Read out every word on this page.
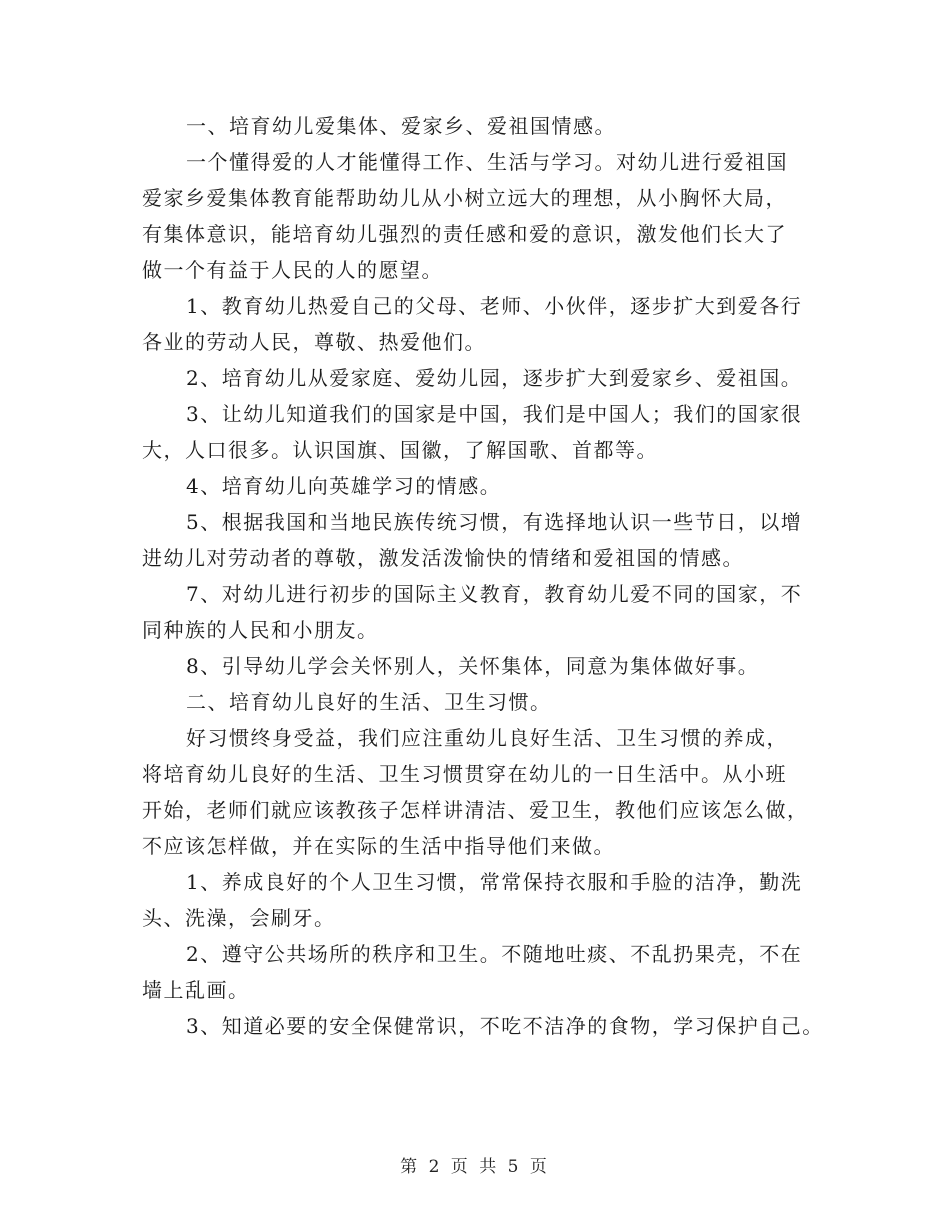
一、培育幼儿爱集体、爱家乡、爱祖国情感。
一个懂得爱的人才能懂得工作、生活与学习。对幼儿进行爱祖国
爱家乡爱集体教育能帮助幼儿从小树立远大的理想，从小胸怀大局，
有集体意识，能培育幼儿强烈的责任感和爱的意识，激发他们长大了
做一个有益于人民的人的愿望。
1、教育幼儿热爱自己的父母、老师、小伙伴，逐步扩大到爱各行
各业的劳动人民，尊敬、热爱他们。
2、培育幼儿从爱家庭、爱幼儿园，逐步扩大到爱家乡、爱祖国。
3、让幼儿知道我们的国家是中国，我们是中国人；我们的国家很
大，人口很多。认识国旗、国徽，了解国歌、首都等。
4、培育幼儿向英雄学习的情感。
5、根据我国和当地民族传统习惯，有选择地认识一些节日，以增
进幼儿对劳动者的尊敬，激发活泼愉快的情绪和爱祖国的情感。
7、对幼儿进行初步的国际主义教育，教育幼儿爱不同的国家，不
同种族的人民和小朋友。
8、引导幼儿学会关怀别人，关怀集体，同意为集体做好事。
二、培育幼儿良好的生活、卫生习惯。
好习惯终身受益，我们应注重幼儿良好生活、卫生习惯的养成，
将培育幼儿良好的生活、卫生习惯贯穿在幼儿的一日生活中。从小班
开始，老师们就应该教孩子怎样讲清洁、爱卫生，教他们应该怎么做，
不应该怎样做，并在实际的生活中指导他们来做。
1、养成良好的个人卫生习惯，常常保持衣服和手脸的洁净，勤洗
头、洗澡，会刷牙。
2、遵守公共场所的秩序和卫生。不随地吐痰、不乱扔果壳，不在
墙上乱画。
3、知道必要的安全保健常识，不吃不洁净的食物，学习保护自己。
第 2 页 共 5 页
